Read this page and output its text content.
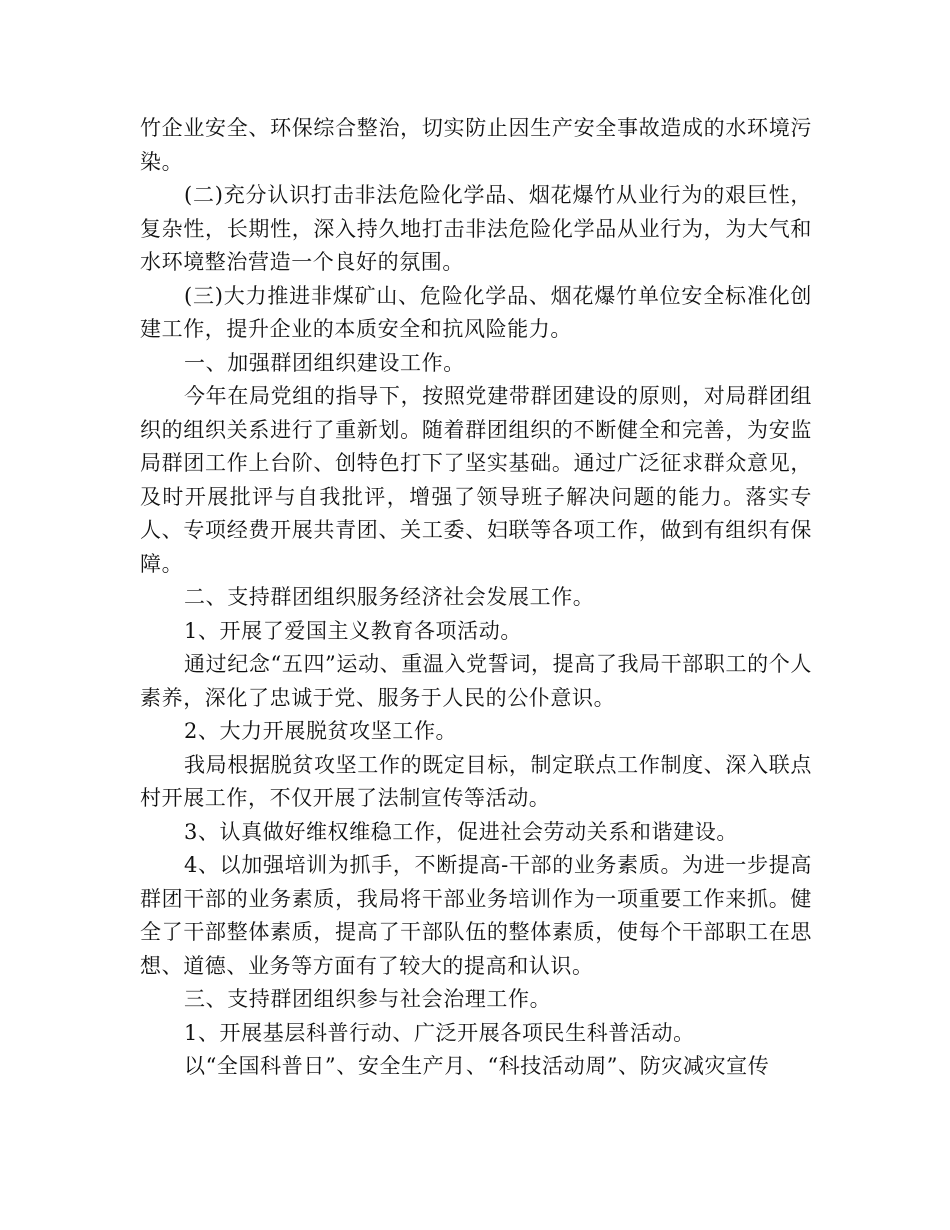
竹企业安全、环保综合整治，切实防止因生产安全事故造成的水环境污染。

(二)充分认识打击非法危险化学品、烟花爆竹从业行为的艰巨性，复杂性，长期性，深入持久地打击非法危险化学品从业行为，为大气和水环境整治营造一个良好的氛围。

(三)大力推进非煤矿山、危险化学品、烟花爆竹单位安全标准化创建工作，提升企业的本质安全和抗风险能力。

一、加强群团组织建设工作。

今年在局党组的指导下，按照党建带群团建设的原则，对局群团组织的组织关系进行了重新划。随着群团组织的不断健全和完善，为安监局群团工作上台阶、创特色打下了坚实基础。通过广泛征求群众意见，及时开展批评与自我批评，增强了领导班子解决问题的能力。落实专人、专项经费开展共青团、关工委、妇联等各项工作，做到有组织有保障。

二、支持群团组织服务经济社会发展工作。

1、开展了爱国主义教育各项活动。

通过纪念“五四”运动、重温入党誓词，提高了我局干部职工的个人素养，深化了忠诚于党、服务于人民的公仆意识。

2、大力开展脱贫攻坚工作。

我局根据脱贫攻坚工作的既定目标，制定联点工作制度、深入联点村开展工作，不仅开展了法制宣传等活动。

3、认真做好维权维稳工作，促进社会劳动关系和谐建设。

4、以加强培训为抓手，不断提高-干部的业务素质。为进一步提高群团干部的业务素质，我局将干部业务培训作为一项重要工作来抓。健全了干部整体素质，提高了干部队伍的整体素质，使每个干部职工在思想、道德、业务等方面有了较大的提高和认识。

三、支持群团组织参与社会治理工作。

1、开展基层科普行动、广泛开展各项民生科普活动。

以“全国科普日”、安全生产月、“科技活动周”、防灾减灾宣传
